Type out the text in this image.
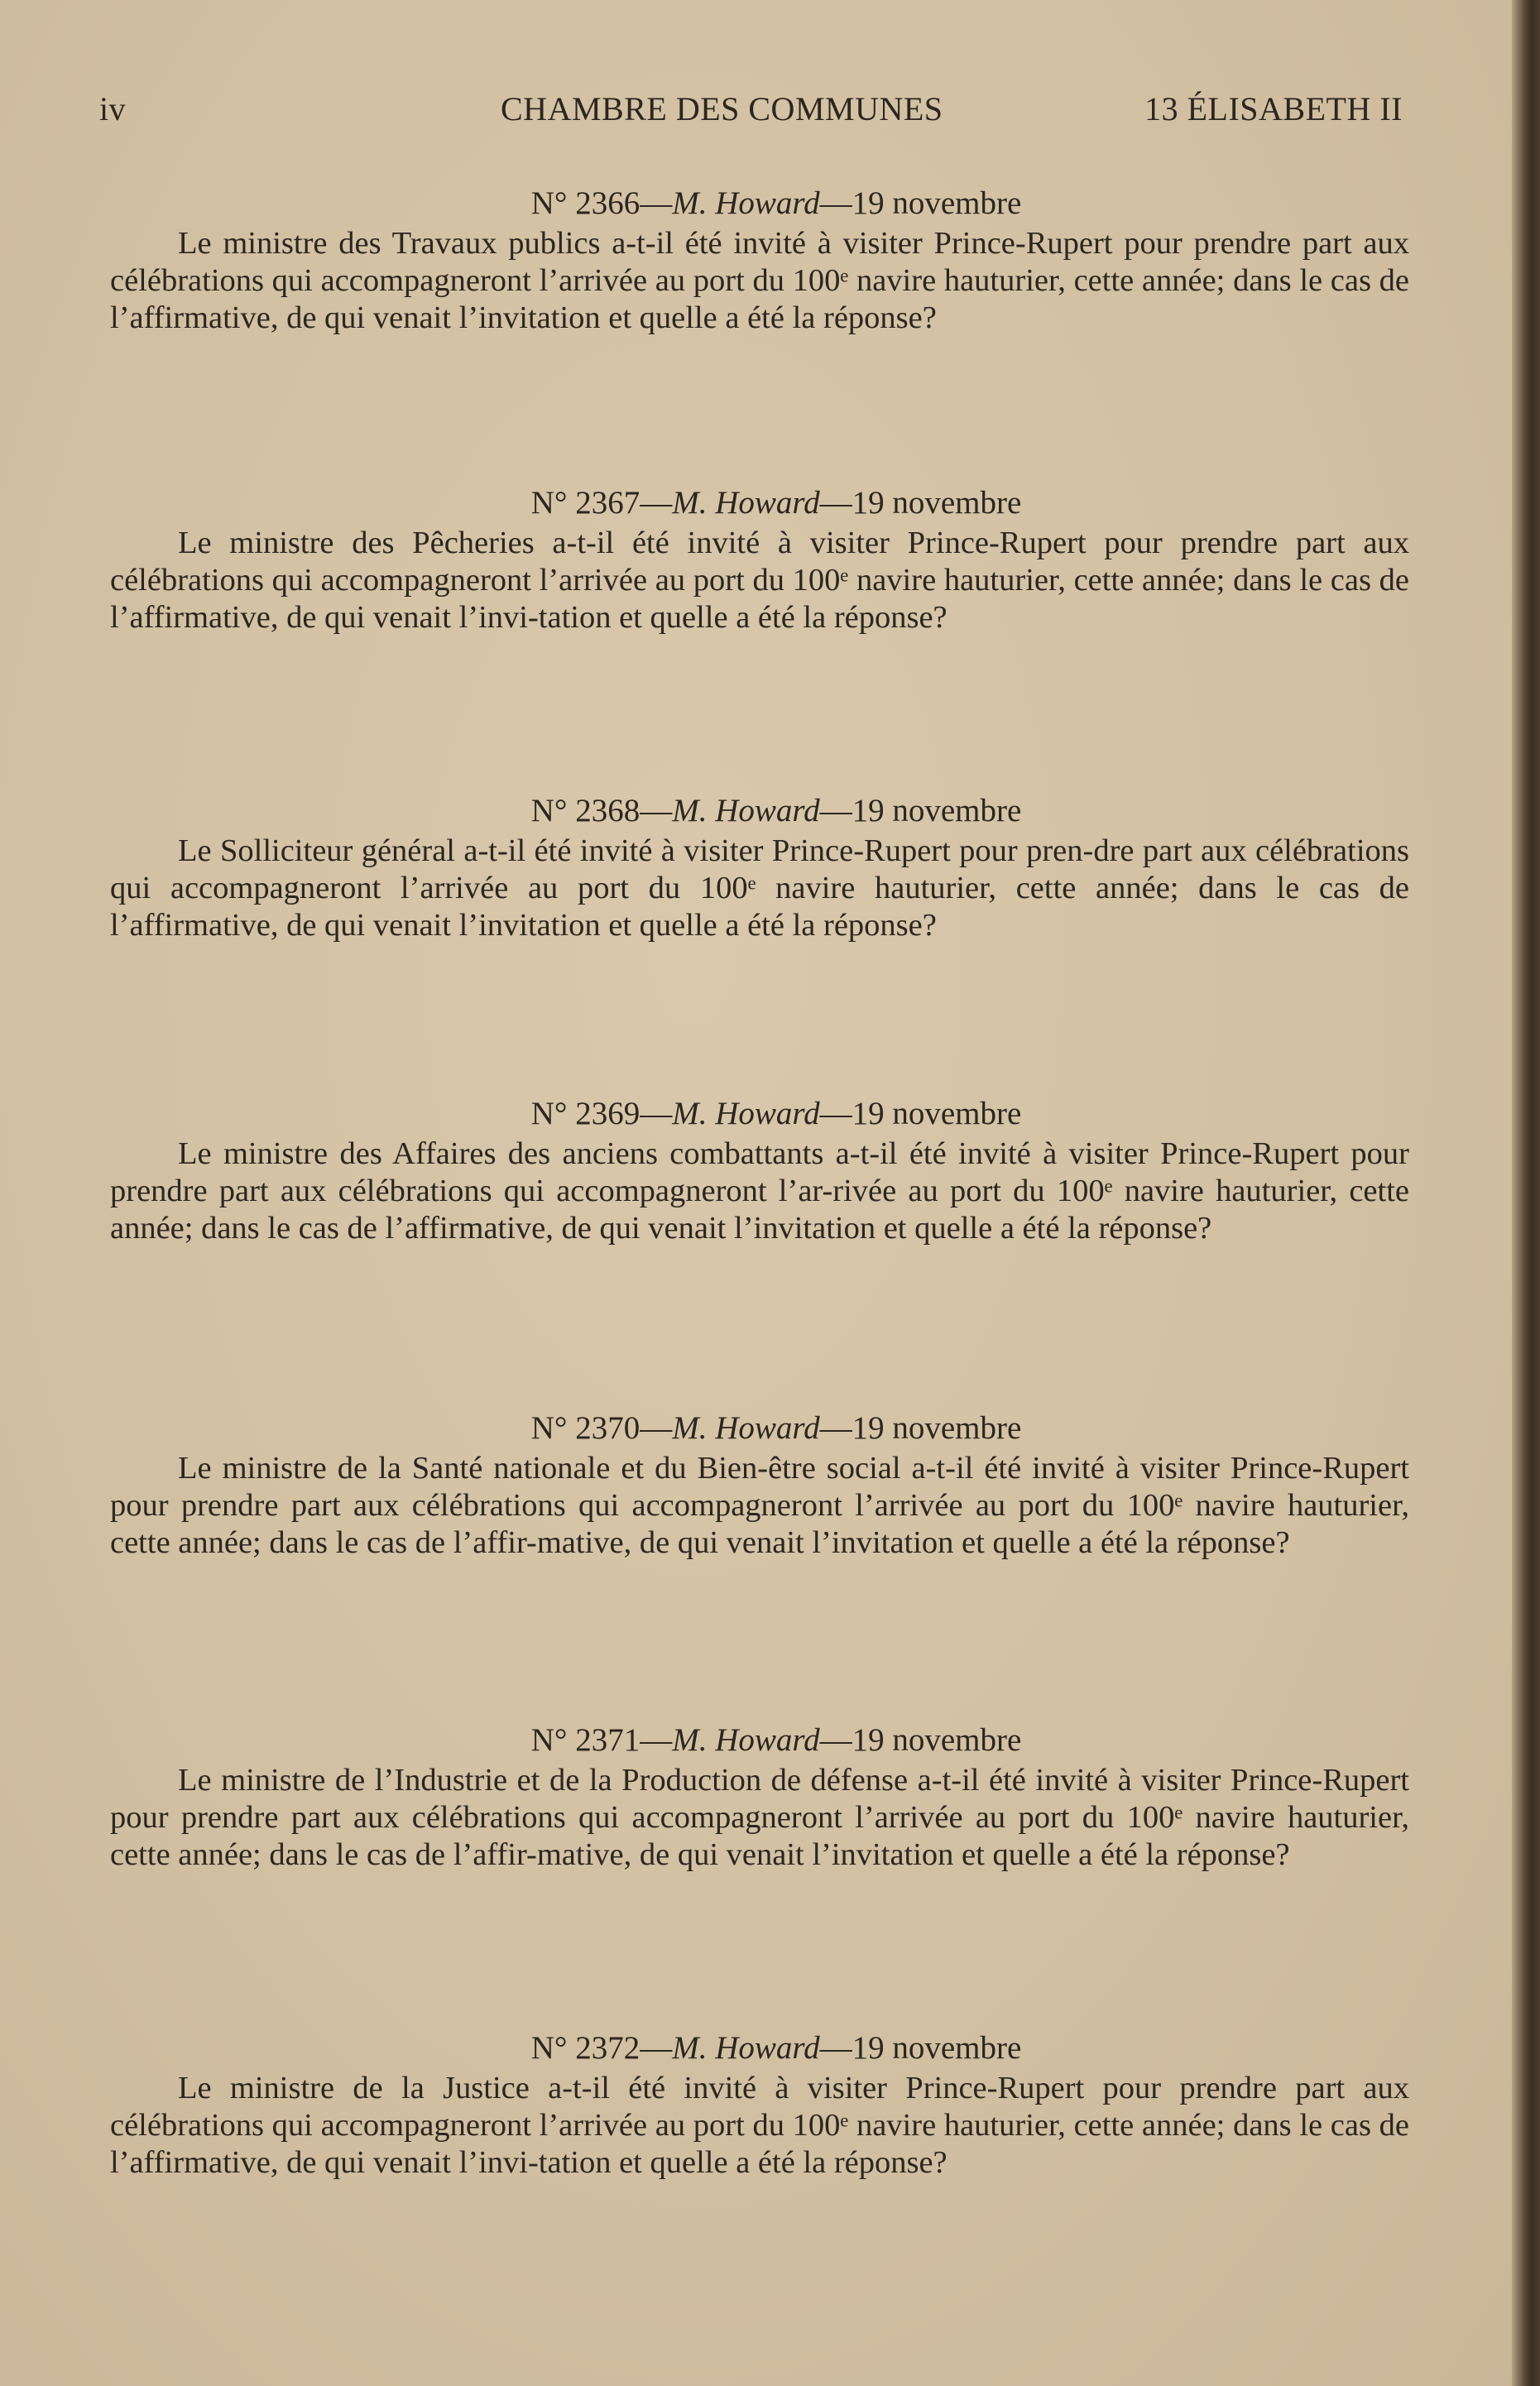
iv	CHAMBRE DES COMMUNES	13 ÉLISABETH II
N° 2366—M. Howard—19 novembre
Le ministre des Travaux publics a-t-il été invité à visiter Prince-Rupert pour prendre part aux célébrations qui accompagneront l’arrivée au port du 100ᵉ navire hauturier, cette année; dans le cas de l’affirmative, de qui venait l’invitation et quelle a été la réponse?
N° 2367—M. Howard—19 novembre
Le ministre des Pêcheries a-t-il été invité à visiter Prince-Rupert pour prendre part aux célébrations qui accompagneront l’arrivée au port du 100ᵉ navire hauturier, cette année; dans le cas de l’affirmative, de qui venait l’invi-tation et quelle a été la réponse?
N° 2368—M. Howard—19 novembre
Le Solliciteur général a-t-il été invité à visiter Prince-Rupert pour pren-dre part aux célébrations qui accompagneront l’arrivée au port du 100ᵉ navire hauturier, cette année; dans le cas de l’affirmative, de qui venait l’invitation et quelle a été la réponse?
N° 2369—M. Howard—19 novembre
Le ministre des Affaires des anciens combattants a-t-il été invité à visiter Prince-Rupert pour prendre part aux célébrations qui accompagneront l’ar-rivée au port du 100ᵉ navire hauturier, cette année; dans le cas de l’affirmative, de qui venait l’invitation et quelle a été la réponse?
N° 2370—M. Howard—19 novembre
Le ministre de la Santé nationale et du Bien-être social a-t-il été invité à visiter Prince-Rupert pour prendre part aux célébrations qui accompagneront l’arrivée au port du 100ᵉ navire hauturier, cette année; dans le cas de l’affir-mative, de qui venait l’invitation et quelle a été la réponse?
N° 2371—M. Howard—19 novembre
Le ministre de l’Industrie et de la Production de défense a-t-il été invité à visiter Prince-Rupert pour prendre part aux célébrations qui accompagneront l’arrivée au port du 100ᵉ navire hauturier, cette année; dans le cas de l’affir-mative, de qui venait l’invitation et quelle a été la réponse?
N° 2372—M. Howard—19 novembre
Le ministre de la Justice a-t-il été invité à visiter Prince-Rupert pour prendre part aux célébrations qui accompagneront l’arrivée au port du 100ᵉ navire hauturier, cette année; dans le cas de l’affirmative, de qui venait l’invi-tation et quelle a été la réponse?
